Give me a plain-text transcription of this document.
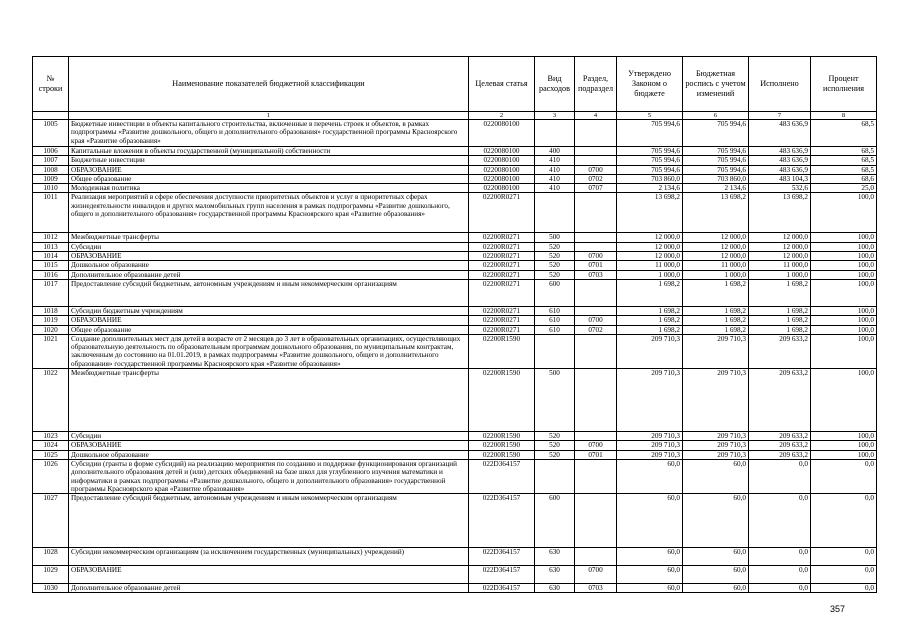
№ строки	Наименование показателей бюджетной классификации	Целевая статья	Вид расходов	Раздел, подраздел	Утверждено Законом о бюджете	Бюджетная роспись с учетом изменений	Исполнено	Процент исполнения
	1	2	3	4	5	6	7	8
1005	Бюджетные инвестиции в объекты капитального строительства, включенные в перечень строек и объектов, в рамках подпрограммы «Развитие дошкольного, общего и дополнительного образования» государственной программы Красноярского края «Развитие образования»	0220080100			705 994,6	705 994,6	483 636,9	68,5
1006	Капитальные вложения в объекты государственной (муниципальной) собственности	0220080100	400		705 994,6	705 994,6	483 636,9	68,5
1007	Бюджетные инвестиции	0220080100	410		705 994,6	705 994,6	483 636,9	68,5
1008	ОБРАЗОВАНИЕ	0220080100	410	0700	705 994,6	705 994,6	483 636,9	68,5
1009	Общее образование	0220080100	410	0702	703 860,0	703 860,0	483 104,3	68,6
1010	Молодежная политика	0220080100	410	0707	2 134,6	2 134,6	532,6	25,0
1011	Реализация мероприятий в сфере обеспечения доступности приоритетных объектов и услуг в приоритетных сферах жизнедеятельности инвалидов и других маломобильных групп населения в рамках подпрограммы «Развитие дошкольного, общего и дополнительного образования» государственной программы Красноярского края «Развитие образования»	02200R0271			13 698,2	13 698,2	13 698,2	100,0
1012	Межбюджетные трансферты	02200R0271	500		12 000,0	12 000,0	12 000,0	100,0
1013	Субсидии	02200R0271	520		12 000,0	12 000,0	12 000,0	100,0
1014	ОБРАЗОВАНИЕ	02200R0271	520	0700	12 000,0	12 000,0	12 000,0	100,0
1015	Дошкольное образование	02200R0271	520	0701	11 000,0	11 000,0	11 000,0	100,0
1016	Дополнительное образование детей	02200R0271	520	0703	1 000,0	1 000,0	1 000,0	100,0
1017	Предоставление субсидий бюджетным, автономным учреждениям и иным некоммерческим организациям	02200R0271	600		1 698,2	1 698,2	1 698,2	100,0
1018	Субсидии бюджетным учреждениям	02200R0271	610		1 698,2	1 698,2	1 698,2	100,0
1019	ОБРАЗОВАНИЕ	02200R0271	610	0700	1 698,2	1 698,2	1 698,2	100,0
1020	Общее образование	02200R0271	610	0702	1 698,2	1 698,2	1 698,2	100,0
1021	Создание дополнительных мест для детей в возрасте от 2 месяцев до 3 лет в образовательных организациях, осуществляющих образовательную деятельность по образовательным программам дошкольного образования, по муниципальным контрактам, заключенным до состоянию на 01.01.2019, в рамках подпрограммы «Развитие дошкольного, общего и дополнительного образования» государственной программы Красноярского края «Развитие образования»	02200R1590			209 710,3	209 710,3	209 633,2	100,0
1022	Межбюджетные трансферты	02200R1590	500		209 710,3	209 710,3	209 633,2	100,0
1023	Субсидии	02200R1590	520		209 710,3	209 710,3	209 633,2	100,0
1024	ОБРАЗОВАНИЕ	02200R1590	520	0700	209 710,3	209 710,3	209 633,2	100,0
1025	Дошкольное образование	02200R1590	520	0701	209 710,3	209 710,3	209 633,2	100,0
1026	Субсидии (гранты в форме субсидий) на реализацию мероприятия по созданию и поддержке функционирования организаций дополнительного образования детей и (или) детских объединений на базе школ для углубленного изучения математики и информатики в рамках подпрограммы «Развитие дошкольного, общего и дополнительного образования» государственной программы Красноярского края «Развитие образования»	022D364157			60,0	60,0	0,0	0,0
1027	Предоставление субсидий бюджетным, автономным учреждениям и иным некоммерческим организациям	022D364157	600		60,0	60,0	0,0	0,0
1028	Субсидии некоммерческим организациям (за исключением государственных (муниципальных) учреждений)	022D364157	630		60,0	60,0	0,0	0,0
1029	ОБРАЗОВАНИЕ	022D364157	630	0700	60,0	60,0	0,0	0,0
1030	Дополнительное образование детей	022D364157	630	0703	60,0	60,0	0,0	0,0
357
